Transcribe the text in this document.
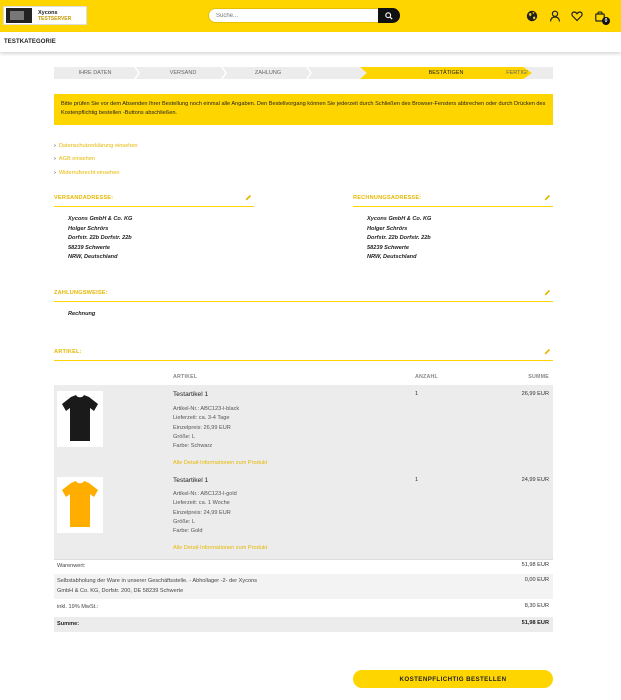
Xycons
TESTSERVER
Suche...	0
TESTKATEGORIE
IHRE DATEN	VERSAND	ZAHLUNG	BESTÄTIGEN	FERTIG!
Bitte prüfen Sie vor dem Absenden Ihrer Bestellung noch einmal alle Angaben. Den Bestellvorgang können Sie jederzeit durch Schließen des Browser-Fensters abbrechen oder durch Drücken des Kostenpflichtig bestellen -Buttons abschließen.
› Datenschutzerklärung einsehen
› AGB einsehen
› Widerrufsrecht einsehen
VERSANDADRESSE:
Xycons GmbH & Co. KG
Holger Schrörs
Dorfstr. 22b Dorfstr. 22b
58239 Schwerte
NRW, Deutschland
RECHNUNGSADRESSE:
Xycons GmbH & Co. KG
Holger Schrörs
Dorfstr. 22b Dorfstr. 22b
58239 Schwerte
NRW, Deutschland
ZAHLUNGSWEISE:
Rechnung
ARTIKEL:
ARTIKEL	ANZAHL	SUMME
Testartikel 1
Artikel-Nr.: ABC123-l-black
Lieferzeit: ca. 3-4 Tage
Einzelpreis: 26,99 EUR
Größe: L
Farbe: Schwarz
Alle Detail-Informationen zum Produkt
1	26,99 EUR
Testartikel 1
Artikel-Nr.: ABC123-l-gold
Lieferzeit: ca. 1 Woche
Einzelpreis: 24,99 EUR
Größe: L
Farbe: Gold
Alle Detail-Informationen zum Produkt
1	24,99 EUR
Warenwert:	51,98 EUR
Selbstabholung der Ware in unserer Geschäftsstelle. - Abhollager -2- der Xycons
GmbH & Co. KG, Dorfstr. 200, DE 58239 Schwerte
0,00 EUR
inkl. 19% MwSt.:	8,30 EUR
Summe:	51,98 EUR
KOSTENPFLICHTIG BESTELLEN
